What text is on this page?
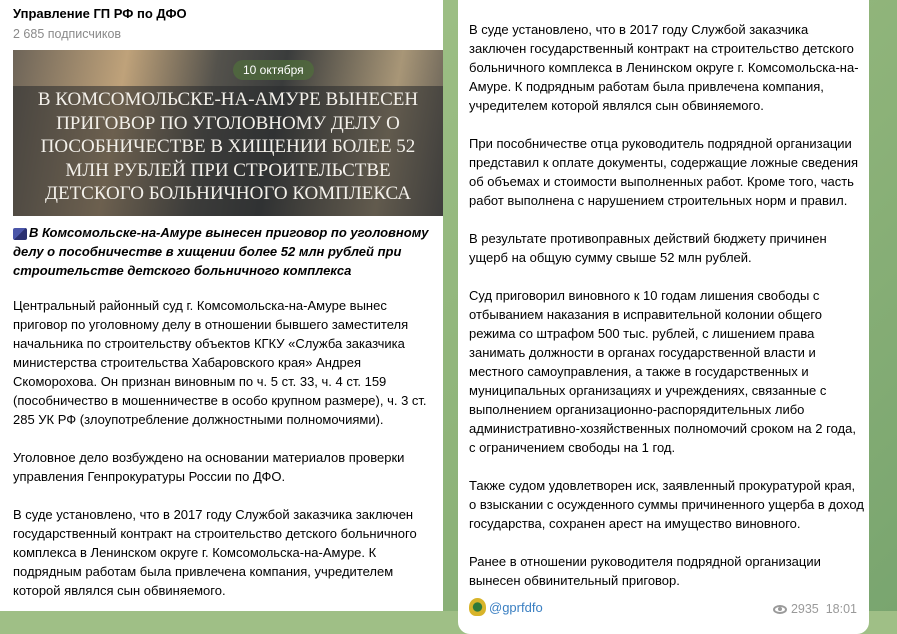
Управление ГП РФ по ДФО
2 685 подписчиков
В КОМСОМОЛЬСКЕ-НА-АМУРЕ ВЫНЕСЕН ПРИГОВОР ПО УГОЛОВНОМУ ДЕЛУ О ПОСОБНИЧЕСТВЕ В ХИЩЕНИИ БОЛЕЕ 52 МЛН РУБЛЕЙ ПРИ СТРОИТЕЛЬСТВЕ ДЕТСКОГО БОЛЬНИЧНОГО КОМПЛЕКСА
10 октября
В Комсомольске-на-Амуре вынесен приговор по уголовному делу о пособничестве в хищении более 52 млн рублей при строительстве детского больничного комплекса

Центральный районный суд г. Комсомольска-на-Амуре вынес приговор по уголовному делу в отношении бывшего заместителя начальника по строительству объектов КГКУ «Служба заказчика министерства строительства Хабаровского края» Андрея Скоморохова. Он признан виновным по ч. 5 ст. 33, ч. 4 ст. 159 (пособничество в мошенничестве в особо крупном размере), ч. 3 ст. 285 УК РФ (злоупотребление должностными полномочиями).

Уголовное дело возбуждено на основании материалов проверки управления Генпрокуратуры России по ДФО.

В суде установлено, что в 2017 году Службой заказчика заключен государственный контракт на строительство детского больничного комплекса в Ленинском округе г. Комсомольска-на-Амуре. К подрядным работам была привлечена компания, учредителем которой являлся сын обвиняемого.

В суде установлено, что в 2017 году Службой заказчика заключен государственный контракт на строительство детского больничного комплекса в Ленинском округе г. Комсомольска-на-Амуре. К подрядным работам была привлечена компания, учредителем которой являлся сын обвиняемого.

При пособничестве отца руководитель подрядной организации представил к оплате документы, содержащие ложные сведения об объемах и стоимости выполненных работ. Кроме того, часть работ выполнена с нарушением строительных норм и правил.

В результате противоправных действий бюджету причинен ущерб на общую сумму свыше 52 млн рублей.

Суд приговорил виновного к 10 годам лишения свободы с отбыванием наказания в исправительной колонии общего режима со штрафом 500 тыс. рублей, с лишением права занимать должности в органах государственной власти и местного самоуправления, а также в государственных и муниципальных организациях и учреждениях, связанные с выполнением организационно-распорядительных либо административно-хозяйственных полномочий сроком на 2 года, с ограничением свободы на 1 год.

Также судом удовлетворен иск, заявленный прокуратурой края, о взыскании с осужденного суммы причиненного ущерба в доход государства, сохранен арест на имущество виновного.

Ранее в отношении руководителя подрядной организации вынесен обвинительный приговор.

@gprfdfo	2935 18:01
